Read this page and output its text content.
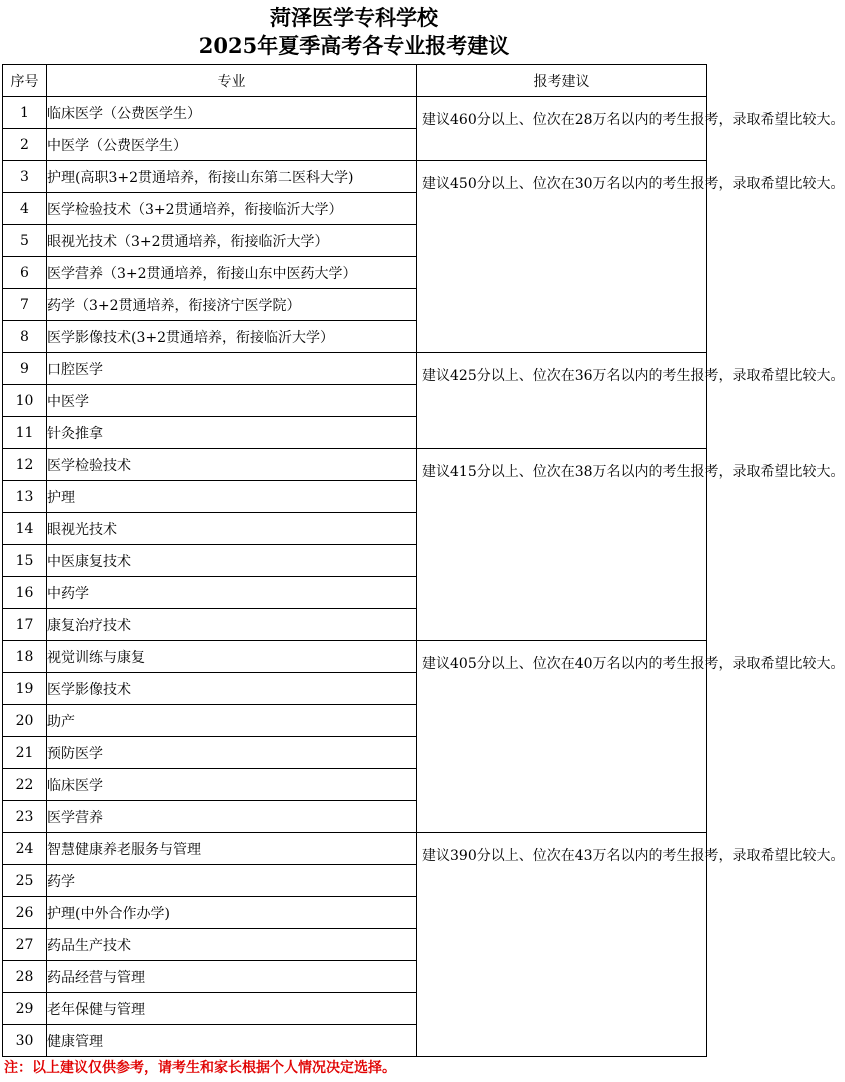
菏泽医学专科学校
2025年夏季高考各专业报考建议
序号	专业	报考建议
1	临床医学（公费医学生）	建议460分以上、位次在28万名以内的考生报考，录取希望比较大。

2	中医学（公费医学生）	
3	护理(高职3+2贯通培养，衔接山东第二医科大学)	建议450分以上、位次在30万名以内的考生报考，录取希望比较大。

4	医学检验技术（3+2贯通培养，衔接临沂大学）	
5	眼视光技术（3+2贯通培养，衔接临沂大学）	
6	医学营养（3+2贯通培养，衔接山东中医药大学）	
7	药学（3+2贯通培养，衔接济宁医学院）	
8	医学影像技术(3+2贯通培养，衔接临沂大学）	
9	口腔医学	建议425分以上、位次在36万名以内的考生报考，录取希望比较大。

10	中医学	
11	针灸推拿	
12	医学检验技术	建议415分以上、位次在38万名以内的考生报考，录取希望比较大。

13	护理	
14	眼视光技术	
15	中医康复技术	
16	中药学	
17	康复治疗技术	
18	视觉训练与康复	建议405分以上、位次在40万名以内的考生报考，录取希望比较大。

19	医学影像技术	
20	助产	
21	预防医学	
22	临床医学	
23	医学营养	
24	智慧健康养老服务与管理	建议390分以上、位次在43万名以内的考生报考，录取希望比较大。

25	药学	
26	护理(中外合作办学)	
27	药品生产技术	
28	药品经营与管理	
29	老年保健与管理	
30	健康管理	
注：以上建议仅供参考，请考生和家长根据个人情况决定选择。
